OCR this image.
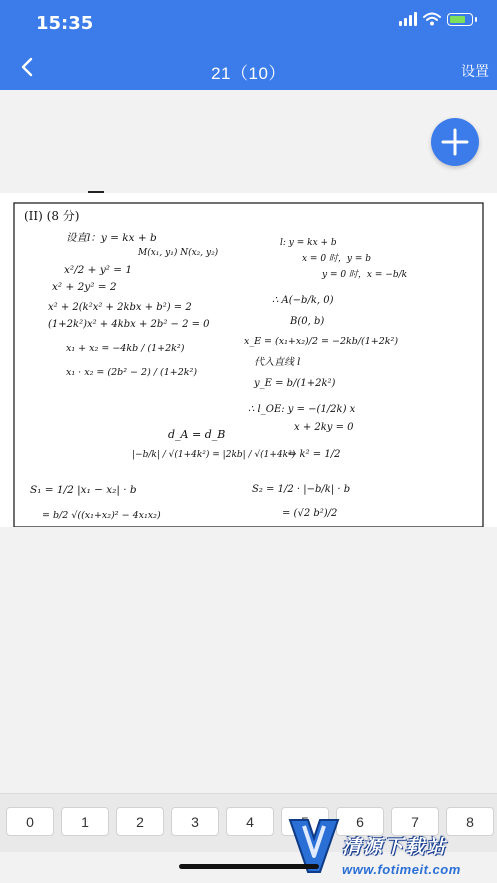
15:35
21（10）	设置
(II) (8 分)
设直l：y = kx + b
M(x₁, y₁) N(x₂, y₂)
x²/2 + y² = 1
x² + 2y² = 2
x² + 2(k²x² + 2kbx + b²) = 2
(1+2k²)x² + 4kbx + 2b² − 2 = 0
x₁ + x₂ = −4kb / (1+2k²)
x₁ · x₂ = (2b² − 2) / (1+2k²)
l: y = kx + b
x = 0 时，y = b
y = 0 时，x = −b/k
∴ A(−b/k, 0)
B(0, b)
x_E = (x₁+x₂)/2 = −2kb/(1+2k²)
代入直线 l
y_E = b/(1+2k²)
∴ l_OE: y = −(1/2k) x
x + 2ky = 0
d_A = d_B
|−b/k| / √(1+4k²) = |2kb| / √(1+4k²)
⇒ k² = 1/2
S₁ = 1/2 |x₁ − x₂| · b
= b/2 √((x₁+x₂)² − 4x₁x₂)
S₂ = 1/2 · |−b/k| · b
= (√2 b²)/2
0	1	2	3	4	6	7	8
清源下载站
www.fotimeit.com
